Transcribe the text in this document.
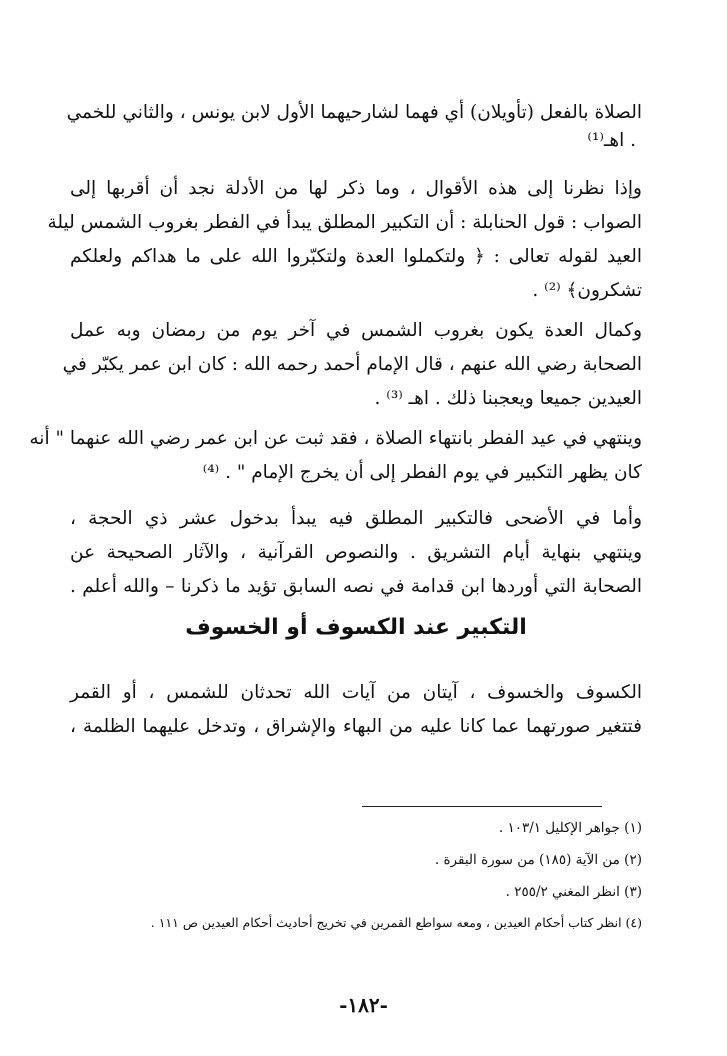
الصلاة بالفعل (تأويلان) أي فهما لشارحيهما الأول لابن يونس ، والثاني للخمي
. اهـ⁽¹⁾
وإذا نظرنا إلى هذه الأقوال ، وما ذكر لها من الأدلة نجد أن أقربها إلى
الصواب : قول الحنابلة : أن التكبير المطلق يبدأ في الفطر بغروب الشمس ليلة
العيد لقوله تعالى : ﴿ ولتكملوا العدة ولتكبّروا الله على ما هداكم ولعلكم
تشكرون﴾ ⁽²⁾ .
وكمال العدة يكون بغروب الشمس في آخر يوم من رمضان وبه عمل
الصحابة رضي الله عنهم ، قال الإمام أحمد رحمه الله : كان ابن عمر يكبّر في
العيدين جميعا ويعجبنا ذلك . اهـ ⁽³⁾ .
وينتهي في عيد الفطر بانتهاء الصلاة ، فقد ثبت عن ابن عمر رضي الله عنهما " أنه
كان يظهر التكبير في يوم الفطر إلى أن يخرج الإمام " . ⁽⁴⁾
وأما في الأضحى فالتكبير المطلق فيه يبدأ بدخول عشر ذي الحجة ،
وينتهي بنهاية أيام التشريق . والنصوص القرآنية ، والآثار الصحيحة عن
الصحابة التي أوردها ابن قدامة في نصه السابق تؤيد ما ذكرنا – والله أعلم .
التكبير عند الكسوف أو الخسوف
الكسوف والخسوف ، آيتان من آيات الله تحدثان للشمس ، أو القمر
فتتغير صورتهما عما كانا عليه من البهاء والإشراق ، وتدخل عليهما الظلمة ،
(١) جواهر الإكليل ١٠٣/١ .
(٢) من الآية (١٨٥) من سورة البقرة .
(٣) انظر المغني ٢٥٥/٢ .
(٤) انظر كتاب أحكام العيدين ، ومعه سواطع القمرين في تخريج أحاديث أحكام العيدين ص ١١١ .
-١٨٢-
